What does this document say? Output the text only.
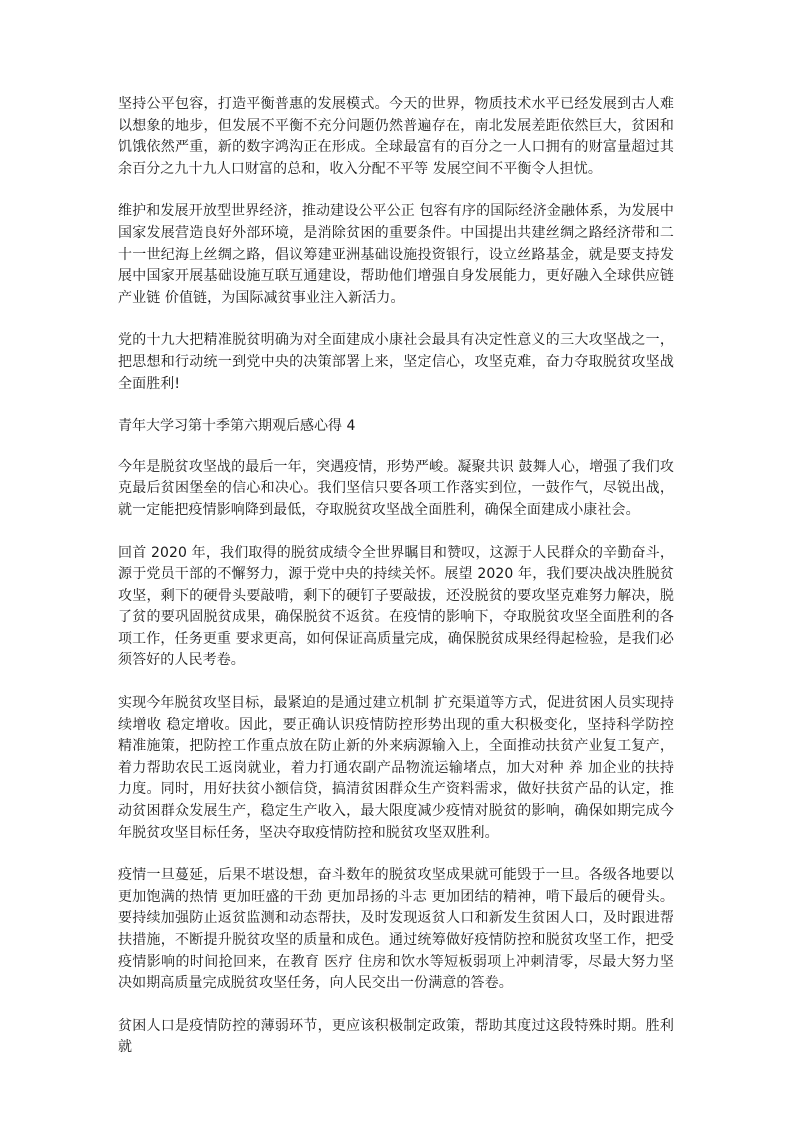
坚持公平包容，打造平衡普惠的发展模式。今天的世界，物质技术水平已经发展到古人难以想象的地步，但发展不平衡不充分问题仍然普遍存在，南北发展差距依然巨大，贫困和饥饿依然严重，新的数字鸿沟正在形成。全球最富有的百分之一人口拥有的财富量超过其余百分之九十九人口财富的总和，收入分配不平等 发展空间不平衡令人担忧。

维护和发展开放型世界经济，推动建设公平公正 包容有序的国际经济金融体系，为发展中国家发展营造良好外部环境，是消除贫困的重要条件。中国提出共建丝绸之路经济带和二十一世纪海上丝绸之路，倡议筹建亚洲基础设施投资银行，设立丝路基金，就是要支持发展中国家开展基础设施互联互通建设，帮助他们增强自身发展能力，更好融入全球供应链 产业链 价值链，为国际减贫事业注入新活力。

党的十九大把精准脱贫明确为对全面建成小康社会最具有决定性意义的三大攻坚战之一，把思想和行动统一到党中央的决策部署上来，坚定信心，攻坚克难，奋力夺取脱贫攻坚战全面胜利!

青年大学习第十季第六期观后感心得 4

今年是脱贫攻坚战的最后一年，突遇疫情，形势严峻。凝聚共识 鼓舞人心，增强了我们攻克最后贫困堡垒的信心和决心。我们坚信只要各项工作落实到位，一鼓作气，尽锐出战，就一定能把疫情影响降到最低，夺取脱贫攻坚战全面胜利，确保全面建成小康社会。

回首 2020 年，我们取得的脱贫成绩令全世界瞩目和赞叹，这源于人民群众的辛勤奋斗，源于党员干部的不懈努力，源于党中央的持续关怀。展望 2020 年，我们要决战决胜脱贫攻坚，剩下的硬骨头要敲啃，剩下的硬钉子要敲拔，还没脱贫的要攻坚克难努力解决，脱了贫的要巩固脱贫成果，确保脱贫不返贫。在疫情的影响下，夺取脱贫攻坚全面胜利的各项工作，任务更重 要求更高，如何保证高质量完成，确保脱贫成果经得起检验，是我们必须答好的人民考卷。

实现今年脱贫攻坚目标，最紧迫的是通过建立机制 扩充渠道等方式，促进贫困人员实现持续增收 稳定增收。因此，要正确认识疫情防控形势出现的重大积极变化，坚持科学防控 精准施策，把防控工作重点放在防止新的外来病源输入上，全面推动扶贫产业复工复产，着力帮助农民工返岗就业，着力打通农副产品物流运输堵点，加大对种 养 加企业的扶持力度。同时，用好扶贫小额信贷，搞清贫困群众生产资料需求，做好扶贫产品的认定，推动贫困群众发展生产，稳定生产收入，最大限度减少疫情对脱贫的影响，确保如期完成今年脱贫攻坚目标任务，坚决夺取疫情防控和脱贫攻坚双胜利。

疫情一旦蔓延，后果不堪设想，奋斗数年的脱贫攻坚成果就可能毁于一旦。各级各地要以更加饱满的热情 更加旺盛的干劲 更加昂扬的斗志 更加团结的精神，啃下最后的硬骨头。要持续加强防止返贫监测和动态帮扶，及时发现返贫人口和新发生贫困人口，及时跟进帮扶措施，不断提升脱贫攻坚的质量和成色。通过统筹做好疫情防控和脱贫攻坚工作，把受疫情影响的时间抢回来，在教育 医疗 住房和饮水等短板弱项上冲刺清零，尽最大努力坚决如期高质量完成脱贫攻坚任务，向人民交出一份满意的答卷。

贫困人口是疫情防控的薄弱环节，更应该积极制定政策，帮助其度过这段特殊时期。胜利就
